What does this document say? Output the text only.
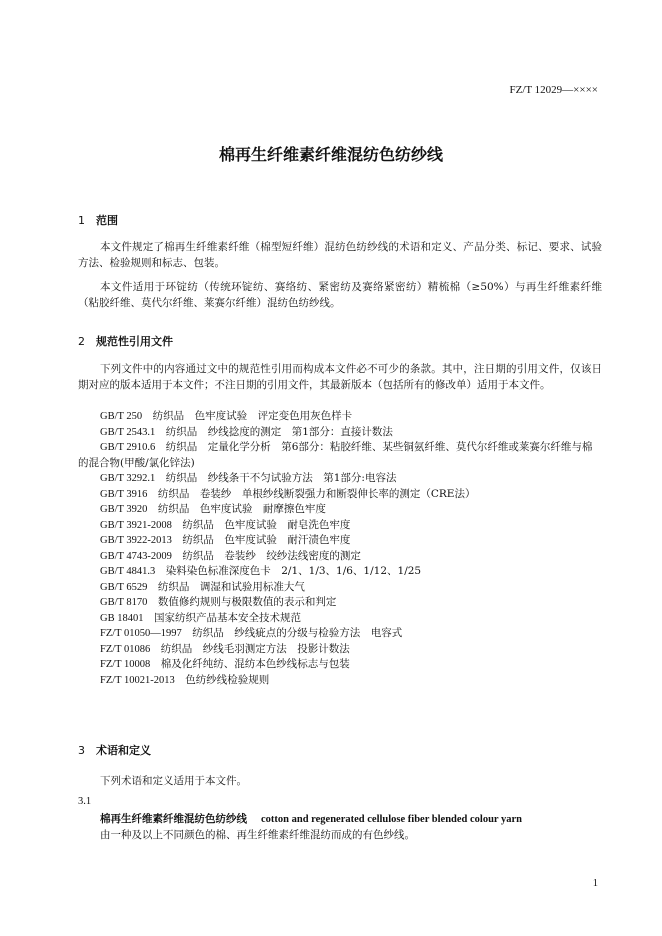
FZ/T 12029—××××
棉再生纤维素纤维混纺色纺纱线
1 范围
本文件规定了棉再生纤维素纤维（棉型短纤维）混纺色纺纱线的术语和定义、产品分类、标记、要求、试验方法、检验规则和标志、包装。
本文件适用于环锭纺（传统环锭纺、赛络纺、紧密纺及赛络紧密纺）精梳棉（≥50%）与再生纤维素纤维（粘胶纤维、莫代尔纤维、莱赛尔纤维）混纺色纺纱线。
2 规范性引用文件
下列文件中的内容通过文中的规范性引用而构成本文件必不可少的条款。其中，注日期的引用文件，仅该日期对应的版本适用于本文件；不注日期的引用文件，其最新版本（包括所有的修改单）适用于本文件。
GB/T 250　 纺织品　色牢度试验　评定变色用灰色样卡
GB/T 2543.1　 纺织品　纱线捻度的测定　第1部分：直接计数法
GB/T 2910.6　 纺织品　定量化学分析　第6部分：粘胶纤维、某些铜氨纤维、莫代尔纤维或莱赛尔纤维与棉的混合物(甲酸/氯化锌法)
GB/T 3292.1　 纺织品　纱线条干不匀试验方法　第1部分:电容法
GB/T 3916　 纺织品　卷装纱　单根纱线断裂强力和断裂伸长率的测定（CRE法）
GB/T 3920　 纺织品　色牢度试验　耐摩擦色牢度
GB/T 3921-2008　 纺织品　色牢度试验　耐皂洗色牢度
GB/T 3922-2013　 纺织品　色牢度试验　耐汗渍色牢度
GB/T 4743-2009　 纺织品　卷装纱　绞纱法线密度的测定
GB/T 4841.3　 染料染色标准深度色卡　2/1、1/3、1/6、1/12、1/25
GB/T 6529　 纺织品　调湿和试验用标准大气
GB/T 8170　 数值修约规则与极限数值的表示和判定
GB 18401　 国家纺织产品基本安全技术规范
FZ/T 01050—1997　 纺织品　纱线疵点的分级与检验方法　电容式
FZ/T 01086　 纺织品　纱线毛羽测定方法　投影计数法
FZ/T 10008　 棉及化纤纯纺、混纺本色纱线标志与包装
FZ/T 10021-2013　 色纺纱线检验规则
3 术语和定义
下列术语和定义适用于本文件。
3.1
棉再生纤维素纤维混纺色纺纱线 cotton and regenerated cellulose fiber blended colour yarn
由一种及以上不同颜色的棉、再生纤维素纤维混纺而成的有色纱线。
1
